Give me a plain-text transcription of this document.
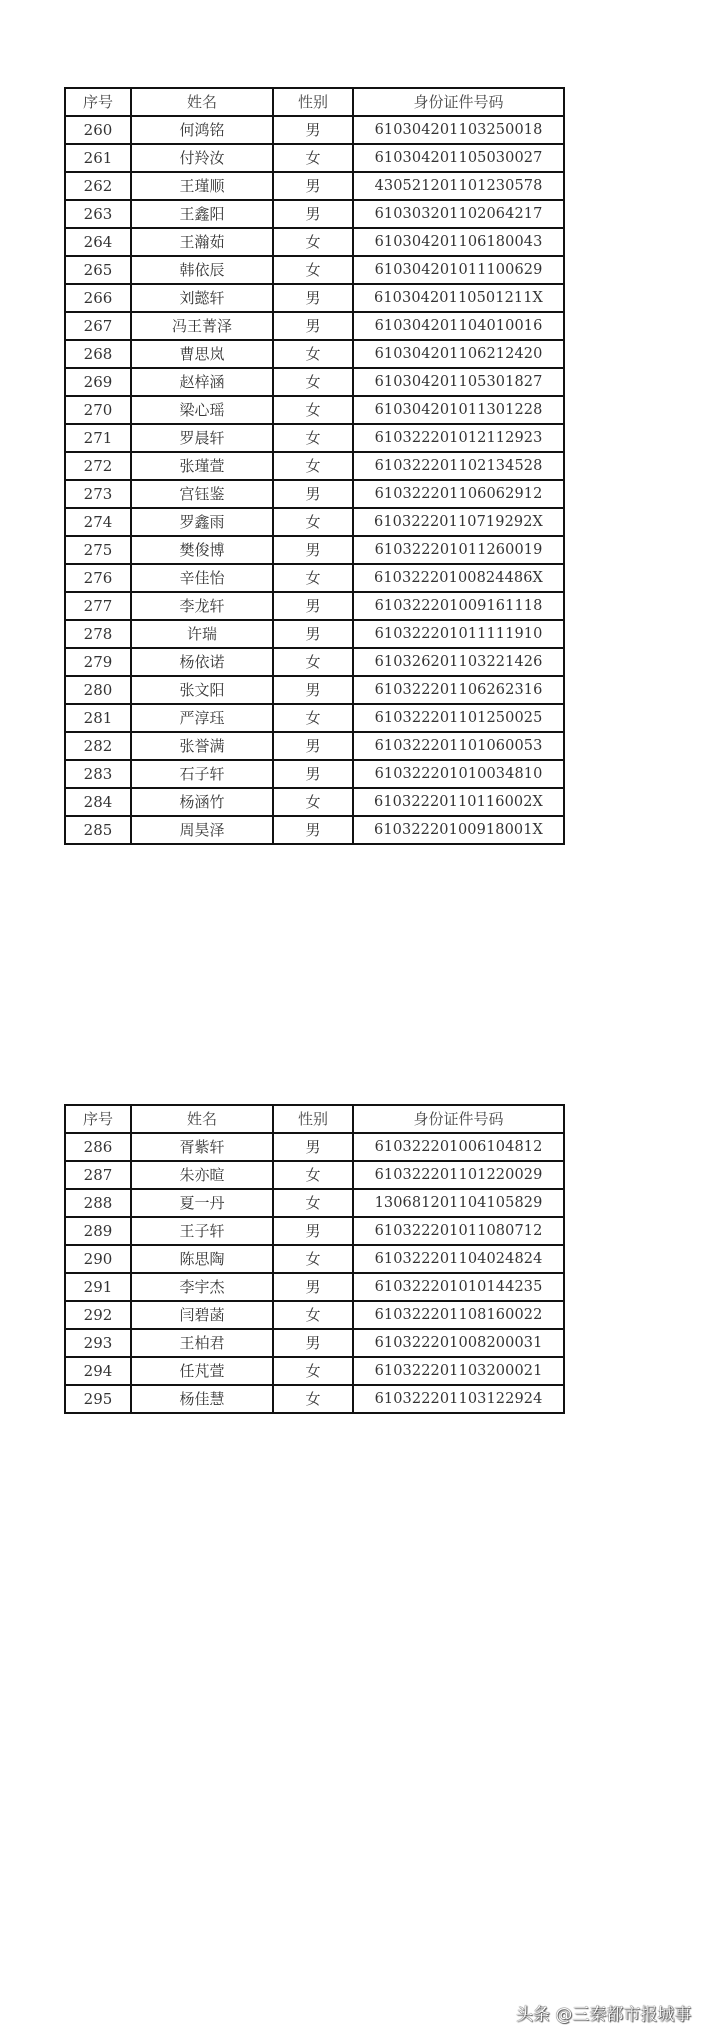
序号	姓名	性别	身份证件号码
260	何鸿铭	男	610304201103250018
261	付羚汝	女	610304201105030027
262	王瑾顺	男	430521201101230578
263	王鑫阳	男	610303201102064217
264	王瀚茹	女	610304201106180043
265	韩依辰	女	610304201011100629
266	刘懿轩	男	61030420110501211X
267	冯王菁泽	男	610304201104010016
268	曹思岚	女	610304201106212420
269	赵梓涵	女	610304201105301827
270	梁心瑶	女	610304201011301228
271	罗晨轩	女	610322201012112923
272	张瑾萱	女	610322201102134528
273	宫钰鉴	男	610322201106062912
274	罗鑫雨	女	61032220110719292X
275	樊俊博	男	610322201011260019
276	辛佳怡	女	61032220100824486X
277	李龙轩	男	610322201009161118
278	许瑞	男	610322201011111910
279	杨依诺	女	610326201103221426
280	张文阳	男	610322201106262316
281	严淳珏	女	610322201101250025
282	张誉满	男	610322201101060053
283	石子轩	男	610322201010034810
284	杨涵竹	女	61032220110116002X
285	周昊泽	男	61032220100918001X
序号	姓名	性别	身份证件号码
286	胥紫轩	男	610322201006104812
287	朱亦暄	女	610322201101220029
288	夏一丹	女	130681201104105829
289	王子轩	男	610322201011080712
290	陈思陶	女	610322201104024824
291	李宇杰	男	610322201010144235
292	闫碧菡	女	610322201108160022
293	王柏君	男	610322201008200031
294	任芃萱	女	610322201103200021
295	杨佳慧	女	610322201103122924
头条 @三秦都市报城事
